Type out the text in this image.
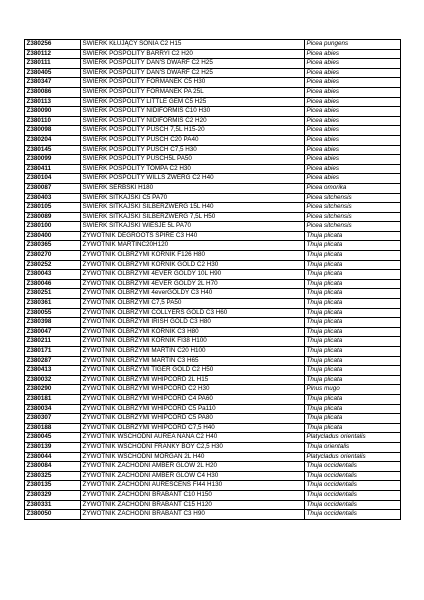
Z380256	ŚWIERK KŁUJĄCY SONIA C2 H15	Picea pungens
Z380112	ŚWIERK POSPOLITY BARRYI C2 H20	Picea abies
Z380111	ŚWIERK POSPOLITY DAN'S DWARF C2 H25	Picea abies
Z380405	ŚWIERK POSPOLITY DAN'S DWARF C2 H25	Picea abies
Z380347	ŚWIERK POSPOLITY FORMANEK C5 H30	Picea abies
Z380086	ŚWIERK POSPOLITY FORMANEK PA 25L	Picea abies
Z380113	ŚWIERK POSPOLITY LITTLE GEM C5 H25	Picea abies
Z380090	ŚWIERK POSPOLITY NIDIFORMIS C10 H30	Picea abies
Z380110	ŚWIERK POSPOLITY NIDIFORMIS C2 H20	Picea abies
Z380098	ŚWIERK POSPOLITY PUSCH 7,5L H15-20	Picea abies
Z380204	ŚWIERK POSPOLITY PUSCH C20 PA40	Picea abies
Z380145	ŚWIERK POSPOLITY PUSCH C7,5 H30	Picea abies
Z380099	ŚWIERK POSPOLITY PUSCH5L PA50	Picea abies
Z380411	ŚWIERK POSPOLITY TOMPA C2 H30	Picea abies
Z380104	ŚWIERK POSPOLITY WILLS ZWERG C2 H40	Picea abies
Z380087	ŚWIERK SERBSKI H180	Picea omorika
Z380403	ŚWIERK SITKAJSKI C5 PA70	Picea sitchensis
Z380105	ŚWIERK SITKAJSKI SILBERZWERG 15L H40	Picea sitchensis
Z380089	ŚWIERK SITKAJSKI SILBERZWERG 7,5L H50	Picea sitchensis
Z380100	ŚWIERK SITKAJSKI WIESJE 5L PA70	Picea sitchensis
Z380400	ŻYWOTNIK DEGROOTS SPIRE C3 H40	Thuja plicata
Z380365	ŻYWOTNIK MARTINC20H120	Thuja plicata
Z380270	ŻYWOTNIK OLBRZYMI KÓRNIK F126 H80	Thuja plicata
Z380252	ŻYWOTNIK OLBRZYMI KÓRNIK GOLD C2 H30	Thuja plicata
Z380043	ŻYWOTNIK OLBRZYMI 4EVER GOLDY 10L H90	Thuja plicata
Z380046	ŻYWOTNIK OLBRZYMI 4EVER GOLDY 2L H70	Thuja plicata
Z380251	ŻYWOTNIK OLBRZYMI 4everGOLDY C3 H40	Thuja plicata
Z380361	ŻYWOTNIK OLBRZYMI C7,5 PA50	Thuja plicata
Z380055	ŻYWOTNIK OLBRZYMI COLLYERS GOLD C3 H60	Thuja plicata
Z380398	ŻYWOTNIK OLBRZYMI IRISH GOLD C3 H80	Thuja plicata
Z380047	ŻYWOTNIK OLBRZYMI KÓRNIK C3 H80	Thuja plicata
Z380211	ŻYWOTNIK OLBRZYMI KÓRNIK FI38 H100	Thuja plicata
Z380171	ŻYWOTNIK OLBRZYMI MARTIN C20 H100	Thuja plicata
Z380287	ŻYWOTNIK OLBRZYMI MARTIN C3 H65	Thuja plicata
Z380413	ŻYWOTNIK OLBRZYMI TIGER GOLD C2 H50	Thuja plicata
Z380032	ŻYWOTNIK OLBRZYMI WHIPCORD 2L H15	Thuja plicata
Z380290	ŻYWOTNIK OLBRZYMI WHIPCORD C2 H30	Pinus mugo
Z380181	ŻYWOTNIK OLBRZYMI WHIPCORD C4 PA60	Thuja plicata
Z380034	ŻYWOTNIK OLBRZYMI WHIPCORD C5 Pa110	Thuja plicata
Z380307	ŻYWOTNIK OLBRZYMI WHIPCORD C5 PA80	Thuja plicata
Z380188	ŻYWOTNIK OLBRZYMI WHIPCORD C7,5 H40	Thuja plicata
Z380045	ŻYWOTNIK WSCHODNI AUREA NANA C2 H40	Platycladus orientalis
Z380139	ŻYWOTNIK WSCHODNI FRANKY BOY C2,5 H30	Thuja orientalis
Z380044	ŻYWOTNIK WSCHODNI MORGAN 2L H40	Platycladus orientalis
Z380084	ŻYWOTNIK ZACHODNI AMBER GLOW 2L H20	Thuja occidentalis
Z380325	ŻYWOTNIK ZACHODNI AMBER GLOW C4 H30	Thuja occidentalis
Z380135	ŻYWOTNIK ZACHODNI AURESCENS FI44 H130	Thuja occidentalis
Z380329	ŻYWOTNIK ZACHODNI BRABANT C10 H150	Thuja occidentalis
Z380331	ŻYWOTNIK ZACHODNI BRABANT C15 H120	Thuja occidentalis
Z380050	ŻYWOTNIK ZACHODNI BRABANT C3 H90	Thuja occidentalis
